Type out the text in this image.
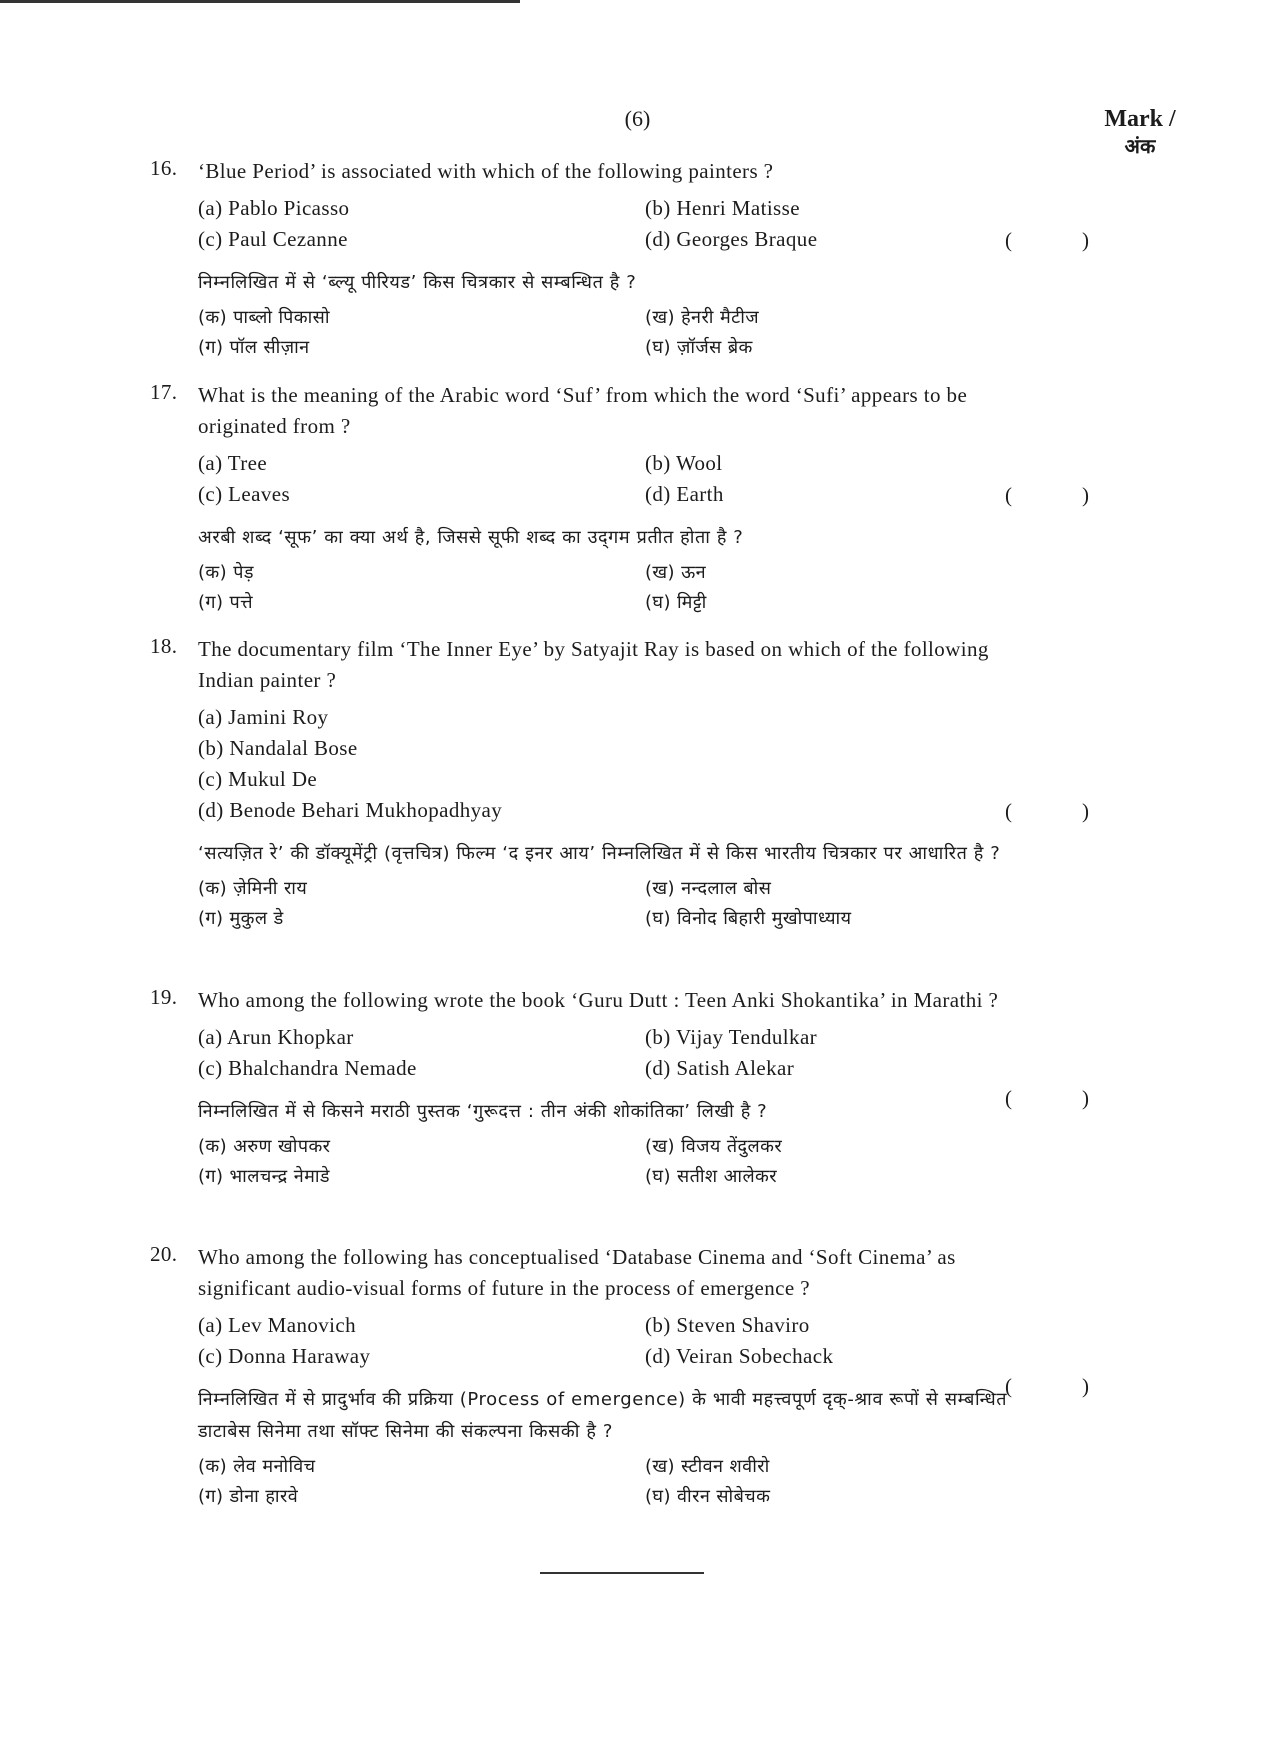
(6)	Mark /
अंक
16. ‘Blue Period’ is associated with which of the following painters ?
(a) Pablo Picasso	(b) Henri Matisse
(c) Paul Cezanne	(d) Georges Braque
निम्नलिखित में से ‘ब्ल्यू पीरियड’ किस चित्रकार से सम्बन्धित है ?
(क) पाब्लो पिकासो	(ख) हेनरी मैटीज
(ग) पॉल सीज़ान	(घ) ज़ॉर्जस ब्रेक
(	)
17. What is the meaning of the Arabic word ‘Suf’ from which the word ‘Sufi’ appears to be originated from ?
(a) Tree	(b) Wool
(c) Leaves	(d) Earth
अरबी शब्द ‘सूफ’ का क्या अर्थ है, जिससे सूफी शब्द का उद्‌गम प्रतीत होता है ?
(क) पेड़	(ख) ऊन
(ग) पत्ते	(घ) मिट्टी
(	)
18. The documentary film ‘The Inner Eye’ by Satyajit Ray is based on which of the following Indian painter ?
(a) Jamini Roy
(b) Nandalal Bose
(c) Mukul De
(d) Benode Behari Mukhopadhyay
‘सत्यज़ित रे’ की डॉक्यूमेंट्री (वृत्तचित्र) फिल्म ‘द इनर आय’ निम्नलिखित में से किस भारतीय चित्रकार पर आधारित है ?
(क) ज़ेमिनी राय	(ख) नन्दलाल बोस
(ग) मुकुल डे	(घ) विनोद बिहारी मुखोपाध्याय
(	)
19. Who among the following wrote the book ‘Guru Dutt : Teen Anki Shokantika’ in Marathi ?
(a) Arun Khopkar	(b) Vijay Tendulkar
(c) Bhalchandra Nemade	(d) Satish Alekar
निम्नलिखित में से किसने मराठी पुस्तक ‘गुरूदत्त : तीन अंकी शोकांतिका’ लिखी है ?
(क) अरुण खोपकर	(ख) विजय तेंदुलकर
(ग) भालचन्द्र नेमाडे	(घ) सतीश आलेकर
(	)
20. Who among the following has conceptualised ‘Database Cinema and ‘Soft Cinema’ as significant audio-visual forms of future in the process of emergence ?
(a) Lev Manovich	(b) Steven Shaviro
(c) Donna Haraway	(d) Veiran Sobechack
निम्नलिखित में से प्रादुर्भाव की प्रक्रिया (Process of emergence) के भावी महत्त्वपूर्ण दृक्-श्राव रूपों से सम्बन्धित डाटाबेस सिनेमा तथा सॉफ्ट सिनेमा की संकल्पना किसकी है ?
(क) लेव मनोविच	(ख) स्टीवन शवीरो
(ग) डोना हारवे	(घ) वीरन सोबेचक
(	)
